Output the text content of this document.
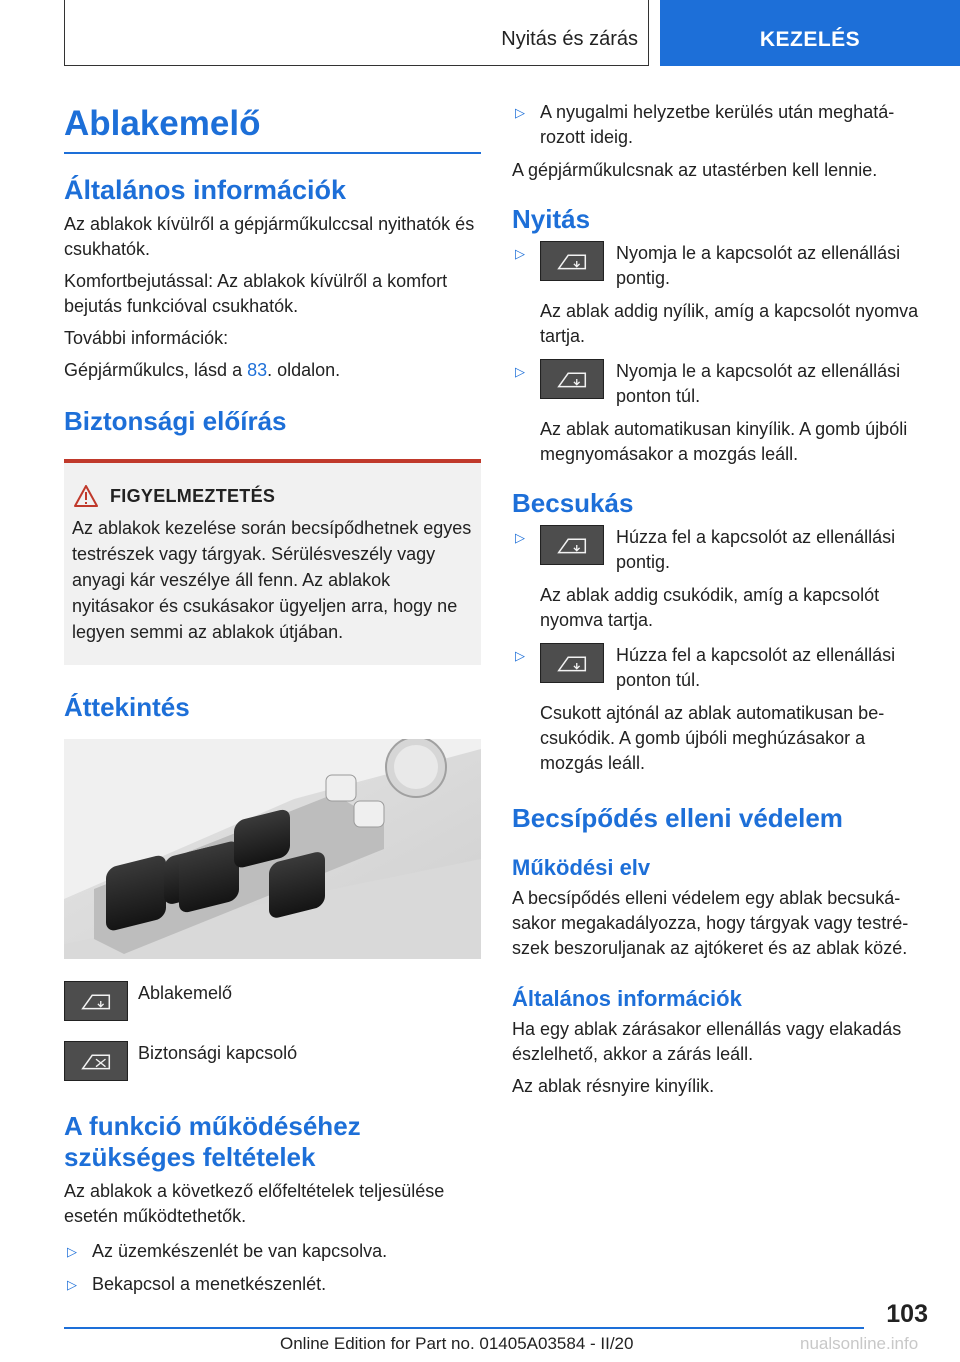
Nyitás és zárás	KEZELÉS
Ablakemelő
Általános információk

Az ablakok kívülről a gépjárműkulccsal nyithatók és csukhatók.

Komfortbejutással: Az ablakok kívülről a komfort bejutás funkcióval csukhatók.

További információk:

Gépjárműkulcs, lásd a 83. oldalon.

Biztonsági előírás
FIGYELMEZTETÉS

Az ablakok kezelése során becsípődhetnek egyes testrészek vagy tárgyak. Sérülésveszély vagy anyagi kár veszélye áll fenn. Az ablakok nyitásakor és csukásakor ügyeljen arra, hogy ne legyen semmi az ablakok útjában.

Áttekintés

Ablakemelő

Biztonsági kapcsoló

A funkció működéséhez
szükséges feltételek

Az ablakok a következő előfeltételek teljesülése esetén működtethetők.

▷ Az üzemkészenlét be van kapcsolva.
▷ Bekapcsol a menetkészenlét.
▷ A nyugalmi helyzetbe kerülés után meghatá-
rozott ideig.

A gépjárműkulcsnak az utastérben kell lennie.

Nyitás
▷	Nyomja le a kapcsolót az ellenállási
pontig.

Az ablak addig nyílik, amíg a kapcsolót nyomva tartja.

▷	Nyomja le a kapcsolót az ellenállási
ponton túl.

Az ablak automatikusan kinyílik. A gomb újbóli megnyomásakor a mozgás leáll.

Becsukás
▷	Húzza fel a kapcsolót az ellenállási
pontig.

Az ablak addig csukódik, amíg a kapcsolót nyomva tartja.

▷	Húzza fel a kapcsolót az ellenállási
ponton túl.

Csukott ajtónál az ablak automatikusan be-
csukódik. A gomb újbóli meghúzásakor a
mozgás leáll.

Becsípődés elleni védelem
Működési elv

A becsípődés elleni védelem egy ablak becsukásakor megakadályozza, hogy tárgyak vagy testrészek beszoruljanak az ajtókeret és az ablak közé.

Általános információk

Ha egy ablak zárásakor ellenállás vagy elakadás észlelhető, akkor a zárás leáll.

Az ablak résnyire kinyílik.

103
Online Edition for Part no. 01405A03584 - II/20	nualsonline.info
